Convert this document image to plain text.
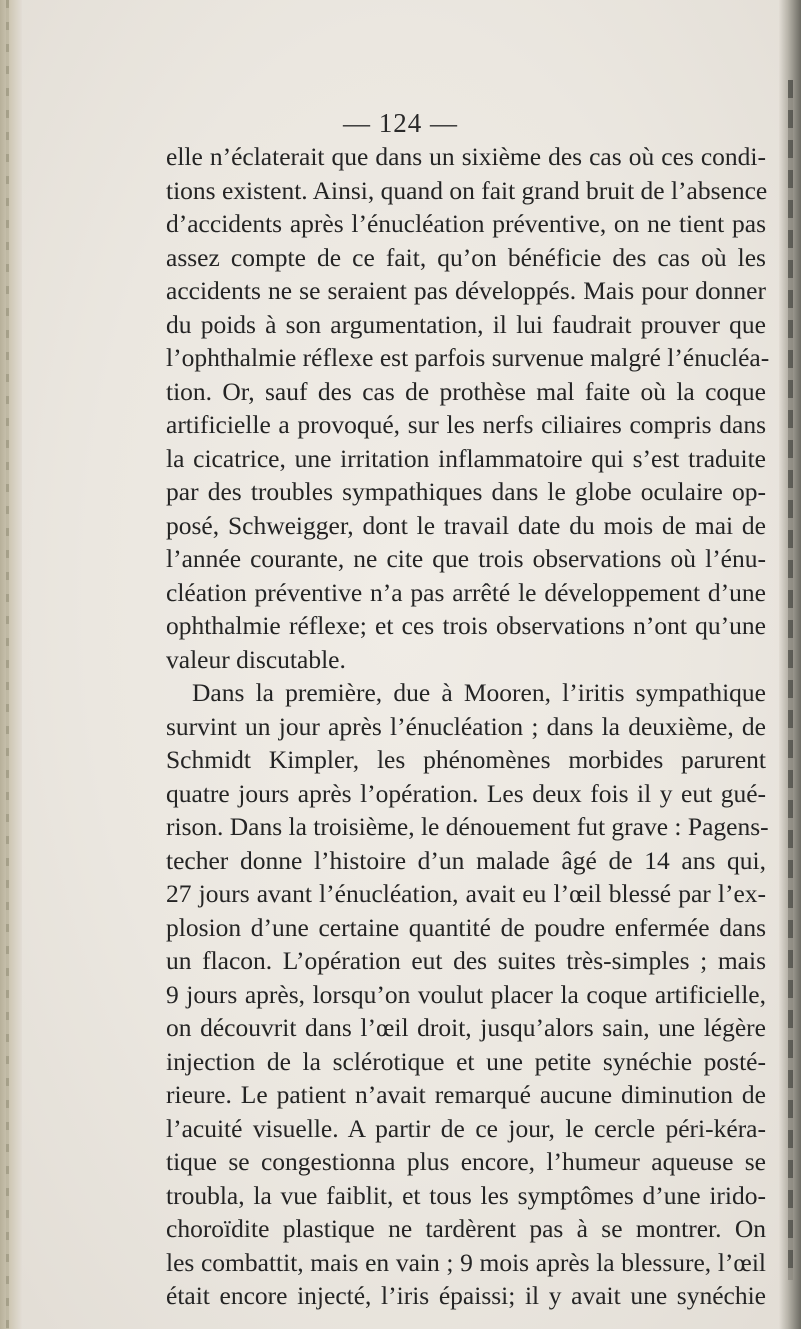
— 124 —
elle n’éclaterait que dans un sixième des cas où ces condi-
tions existent. Ainsi, quand on fait grand bruit de l’absence
d’accidents après l’énucléation préventive, on ne tient pas
assez compte de ce fait, qu’on bénéficie des cas où les
accidents ne se seraient pas développés. Mais pour donner
du poids à son argumentation, il lui faudrait prouver que
l’ophthalmie réflexe est parfois survenue malgré l’énucléa-
tion. Or, sauf des cas de prothèse mal faite où la coque
artificielle a provoqué, sur les nerfs ciliaires compris dans
la cicatrice, une irritation inflammatoire qui s’est traduite
par des troubles sympathiques dans le globe oculaire op-
posé, Schweigger, dont le travail date du mois de mai de
l’année courante, ne cite que trois observations où l’énu-
cléation préventive n’a pas arrêté le développement d’une
ophthalmie réflexe; et ces trois observations n’ont qu’une
valeur discutable.
Dans la première, due à Mooren, l’iritis sympathique
survint un jour après l’énucléation ; dans la deuxième, de
Schmidt Kimpler, les phénomènes morbides parurent
quatre jours après l’opération. Les deux fois il y eut gué-
rison. Dans la troisième, le dénouement fut grave : Pagens-
techer donne l’histoire d’un malade âgé de 14 ans qui,
27 jours avant l’énucléation, avait eu l’œil blessé par l’ex-
plosion d’une certaine quantité de poudre enfermée dans
un flacon. L’opération eut des suites très-simples ; mais
9 jours après, lorsqu’on voulut placer la coque artificielle,
on découvrit dans l’œil droit, jusqu’alors sain, une légère
injection de la sclérotique et une petite synéchie posté-
rieure. Le patient n’avait remarqué aucune diminution de
l’acuité visuelle. A partir de ce jour, le cercle péri-kéra-
tique se congestionna plus encore, l’humeur aqueuse se
troubla, la vue faiblit, et tous les symptômes d’une irido-
choroïdite plastique ne tardèrent pas à se montrer. On
les combattit, mais en vain ; 9 mois après la blessure, l’œil
était encore injecté, l’iris épaissi; il y avait une synéchie
